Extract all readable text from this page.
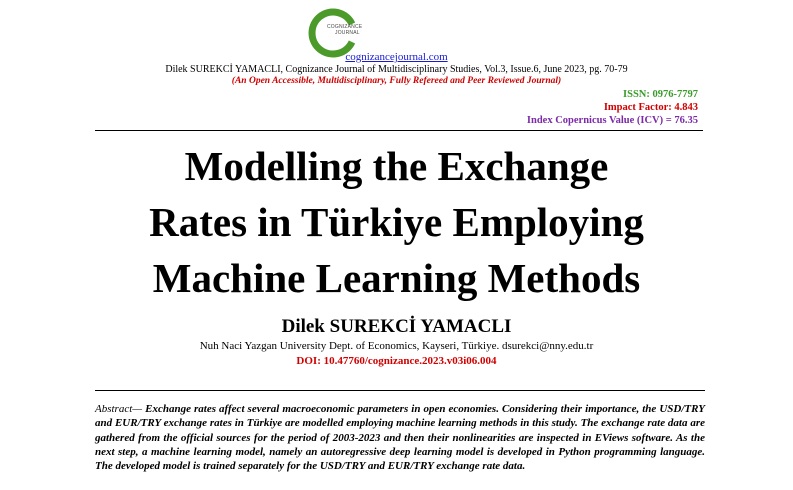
COGNIZANCE
JOURNAL
cognizancejournal.com
Dilek SUREKCİ YAMACLI, Cognizance Journal of Multidisciplinary Studies, Vol.3, Issue.6, June 2023, pg. 70-79
(An Open Accessible, Multidisciplinary, Fully Refereed and Peer Reviewed Journal)
ISSN: 0976-7797
Impact Factor: 4.843
Index Copernicus Value (ICV) = 76.35
Modelling the Exchange
Rates in Türkiye Employing
Machine Learning Methods
Dilek SUREKCİ YAMACLI
Nuh Naci Yazgan University Dept. of Economics, Kayseri, Türkiye. dsurekci@nny.edu.tr
DOI: 10.47760/cognizance.2023.v03i06.004

Abstract— Exchange rates affect several macroeconomic parameters in open economies. Considering their importance, the USD/TRY and EUR/TRY exchange rates in Türkiye are modelled employing machine learning methods in this study. The exchange rate data are gathered from the official sources for the period of 2003-2023 and then their nonlinearities are inspected in EViews software. As the next step, a machine learning model, namely an autoregressive deep learning model is developed in Python programming language. The developed model is trained separately for the USD/TRY and EUR/TRY exchange rate data.
